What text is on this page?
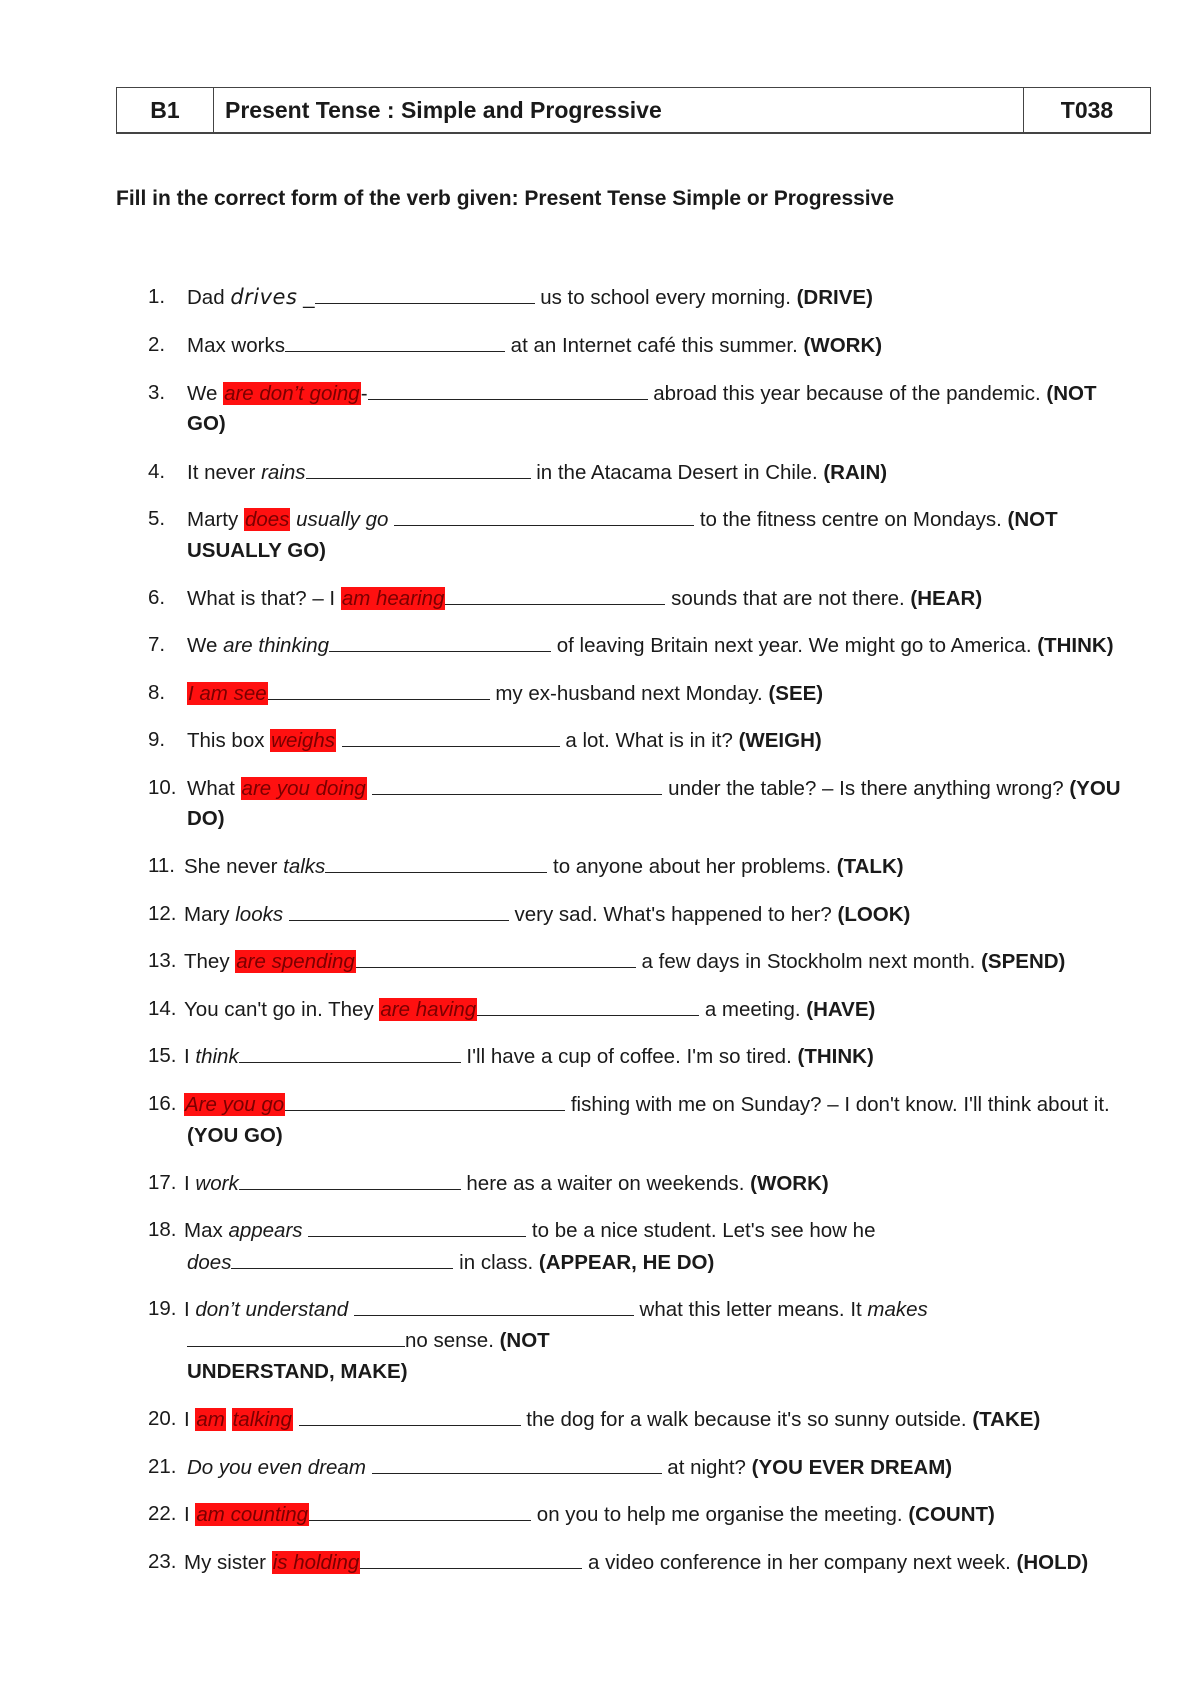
B1	Present Tense : Simple and Progressive	T038
Fill in the correct form of the verb given: Present Tense Simple or Progressive
1. Dad drives _	us to school every morning. (DRIVE)
2. Max works	at an Internet café this summer. (WORK)
3. We are don’t going-	abroad this year because of the pandemic. (NOT
GO)
4. It never rains	in the Atacama Desert in Chile. (RAIN)
5. Marty does usually go	to the fitness centre on Mondays. (NOT
USUALLY GO)
6. What is that? – I am hearing	sounds that are not there. (HEAR)
7. We are thinking	of leaving Britain next year. We might go to America. (THINK)
8. I am see	my ex-husband next Monday. (SEE)
9. This box weighs	a lot. What is in it? (WEIGH)
10. What are you doing	under the table? – Is there anything wrong? (YOU
DO)
11. She never talks	to anyone about her problems. (TALK)
12. Mary looks	very sad. What's happened to her? (LOOK)
13. They are spending	a few days in Stockholm next month. (SPEND)
14. You can't go in. They are having	a meeting. (HAVE)
15. I think	I'll have a cup of coffee. I'm so tired. (THINK)
16. Are you go	fishing with me on Sunday? – I don't know. I'll think about it.
(YOU GO)
17. I work	here as a waiter on weekends. (WORK)
18. Max appears	to be a nice student. Let's see how he
does	in class. (APPEAR, HE DO)
19. I don’t understand	what this letter means. It makes
no sense. (NOT
UNDERSTAND, MAKE)
20. I am talking	the dog for a walk because it's so sunny outside. (TAKE)
21. Do you even dream	at night? (YOU EVER DREAM)
22. I am counting	on you to help me organise the meeting. (COUNT)
23. My sister is holding	a video conference in her company next week. (HOLD)
